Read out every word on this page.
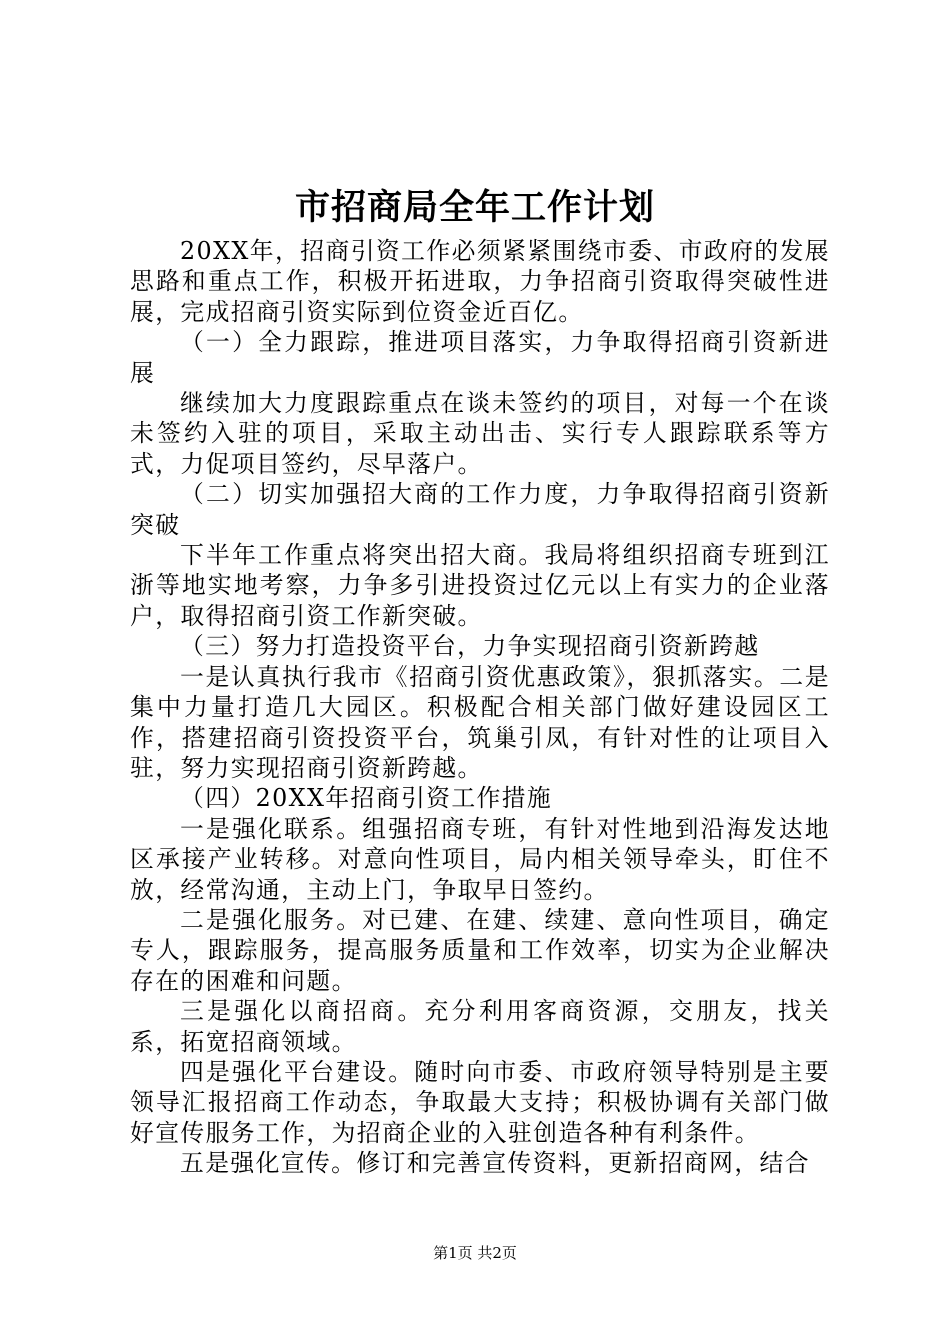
市招商局全年工作计划

20XX年，招商引资工作必须紧紧围绕市委、市政府的发展思路和重点工作，积极开拓进取，力争招商引资取得突破性进展，完成招商引资实际到位资金近百亿。

（一）全力跟踪，推进项目落实，力争取得招商引资新进展

继续加大力度跟踪重点在谈未签约的项目，对每一个在谈未签约入驻的项目，采取主动出击、实行专人跟踪联系等方式，力促项目签约，尽早落户。

（二）切实加强招大商的工作力度，力争取得招商引资新突破

下半年工作重点将突出招大商。我局将组织招商专班到江浙等地实地考察，力争多引进投资过亿元以上有实力的企业落户，取得招商引资工作新突破。

（三）努力打造投资平台，力争实现招商引资新跨越

一是认真执行我市《招商引资优惠政策》，狠抓落实。二是集中力量打造几大园区。积极配合相关部门做好建设园区工作，搭建招商引资投资平台，筑巢引凤，有针对性的让项目入驻，努力实现招商引资新跨越。

（四）20XX年招商引资工作措施

一是强化联系。组强招商专班，有针对性地到沿海发达地区承接产业转移。对意向性项目，局内相关领导牵头，盯住不放，经常沟通，主动上门，争取早日签约。

二是强化服务。对已建、在建、续建、意向性项目，确定专人，跟踪服务，提高服务质量和工作效率，切实为企业解决存在的困难和问题。

三是强化以商招商。充分利用客商资源，交朋友，找关系，拓宽招商领域。

四是强化平台建设。随时向市委、市政府领导特别是主要领导汇报招商工作动态，争取最大支持；积极协调有关部门做好宣传服务工作，为招商企业的入驻创造各种有利条件。

五是强化宣传。修订和完善宣传资料，更新招商网，结合

第1页 共2页
